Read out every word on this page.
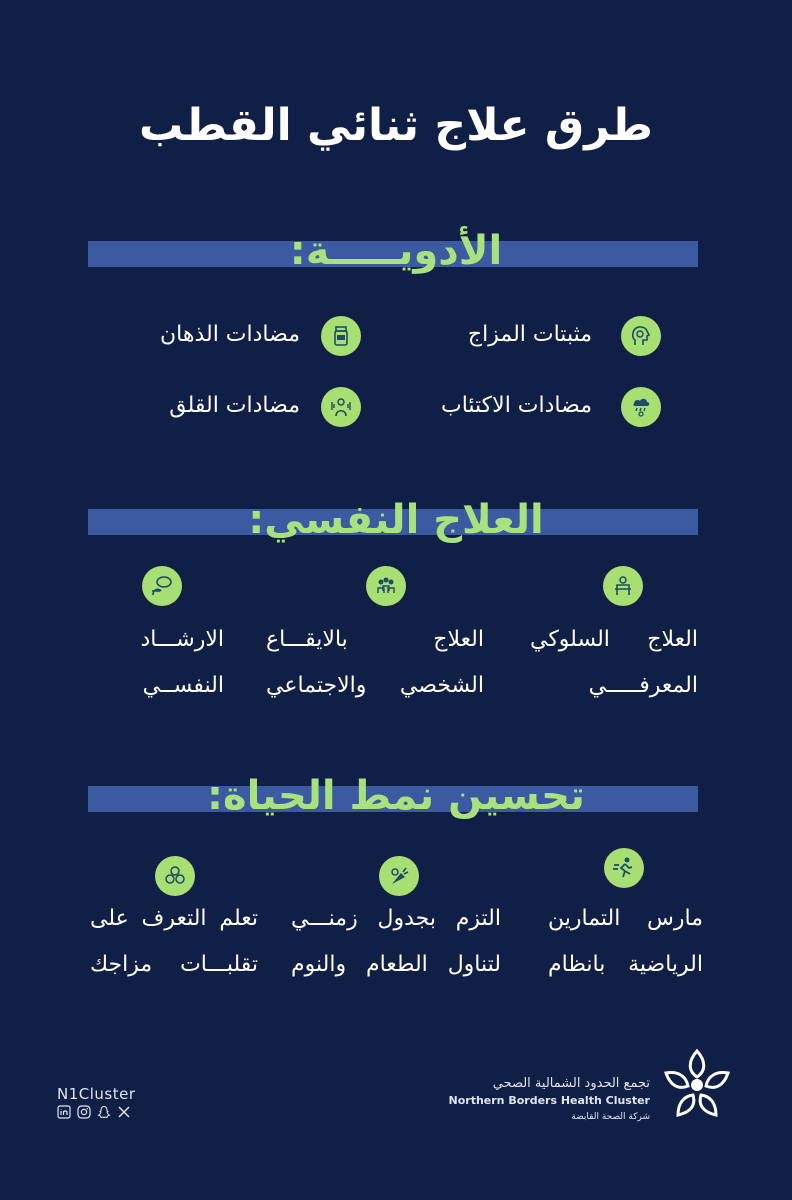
طرق علاج ثنائي القطب
الأدويـــــة:
مثبتات المزاج
مضادات الذهان
مضادات الاكتئاب
مضادات القلق
العلاج النفسي:
العلاج السلوكي
المعرفـــــي
العلاج بالايقـــاع
الشخصي والاجتماعي
الارشـــاد
النفســي
تحسين نمط الحياة:
مارس التمارين
الرياضية بانظام
التزم بجدول زمنـــي
لتناول الطعام والنوم
تعلم التعرف على
تقلبـــات مزاجك
N1Cluster
تجمع الحدود الشمالية الصحي
Northern Borders Health Cluster
شركة الصحة القابضة
